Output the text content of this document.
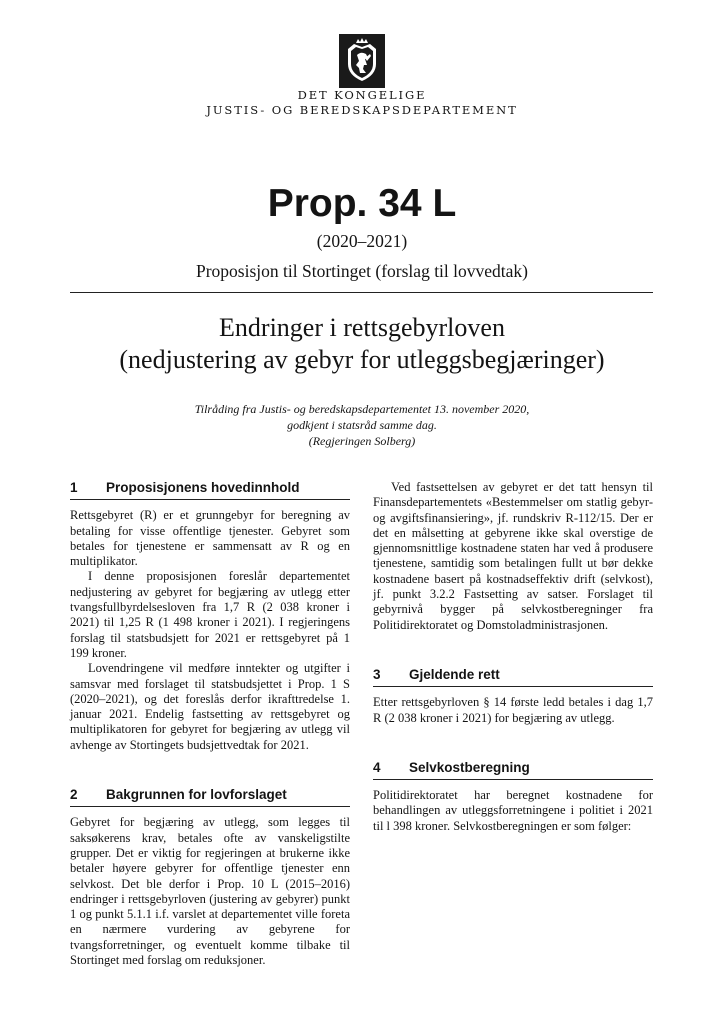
DET KONGELIGE
JUSTIS- OG BEREDSKAPSDEPARTEMENT
Prop. 34 L
(2020–2021)
Proposisjon til Stortinget (forslag til lovvedtak)
Endringer i rettsgebyrloven
(nedjustering av gebyr for utleggsbegjæringer)
Tilråding fra Justis- og beredskapsdepartementet 13. november 2020,
godkjent i statsråd samme dag.
(Regjeringen Solberg)
1	Proposisjonens hovedinnhold

Rettsgebyret (R) er et grunngebyr for beregning av betaling for visse offentlige tjenester. Gebyret som betales for tjenestene er sammensatt av R og en multiplikator.

I denne proposisjonen foreslår departementet nedjustering av gebyret for begjæring av utlegg etter tvangsfullbyrdelsesloven fra 1,7 R (2 038 kroner i 2021) til 1,25 R (1 498 kroner i 2021). I regjeringens forslag til statsbudsjett for 2021 er rettsgebyret på 1 199 kroner.

Lovendringene vil medføre inntekter og utgifter i samsvar med forslaget til statsbudsjettet i Prop. 1 S (2020–2021), og det foreslås derfor ikrafttredelse 1. januar 2021. Endelig fastsetting av rettsgebyret og multiplikatoren for gebyret for begjæring av utlegg vil avhenge av Stortingets budsjettvedtak for 2021.

2	Bakgrunnen for lovforslaget

Gebyret for begjæring av utlegg, som legges til saksøkerens krav, betales ofte av vanskeligstilte grupper. Det er viktig for regjeringen at brukerne ikke betaler høyere gebyrer for offentlige tjenester enn selvkost. Det ble derfor i Prop. 10 L (2015–2016) endringer i rettsgebyrloven (justering av gebyrer) punkt 1 og punkt 5.1.1 i.f. varslet at departementet ville foreta en nærmere vurdering av gebyrene for tvangsforretninger, og eventuelt komme tilbake til Stortinget med forslag om reduksjoner.

Ved fastsettelsen av gebyret er det tatt hensyn til Finansdepartementets «Bestemmelser om statlig gebyr- og avgiftsfinansiering», jf. rundskriv R-112/15. Der er det en målsetting at gebyrene ikke skal overstige de gjennomsnittlige kostnadene staten har ved å produsere tjenestene, samtidig som betalingen fullt ut bør dekke kostnadene basert på kostnadseffektiv drift (selvkost), jf. punkt 3.2.2 Fastsetting av satser. Forslaget til gebyrnivå bygger på selvkostberegninger fra Politidirektoratet og Domstoladministrasjonen.

3	Gjeldende rett

Etter rettsgebyrloven § 14 første ledd betales i dag 1,7 R (2 038 kroner i 2021) for begjæring av utlegg.

4	Selvkostberegning

Politidirektoratet har beregnet kostnadene for behandlingen av utleggsforretningene i politiet i 2021 til l 398 kroner. Selvkostberegningen er som følger:
